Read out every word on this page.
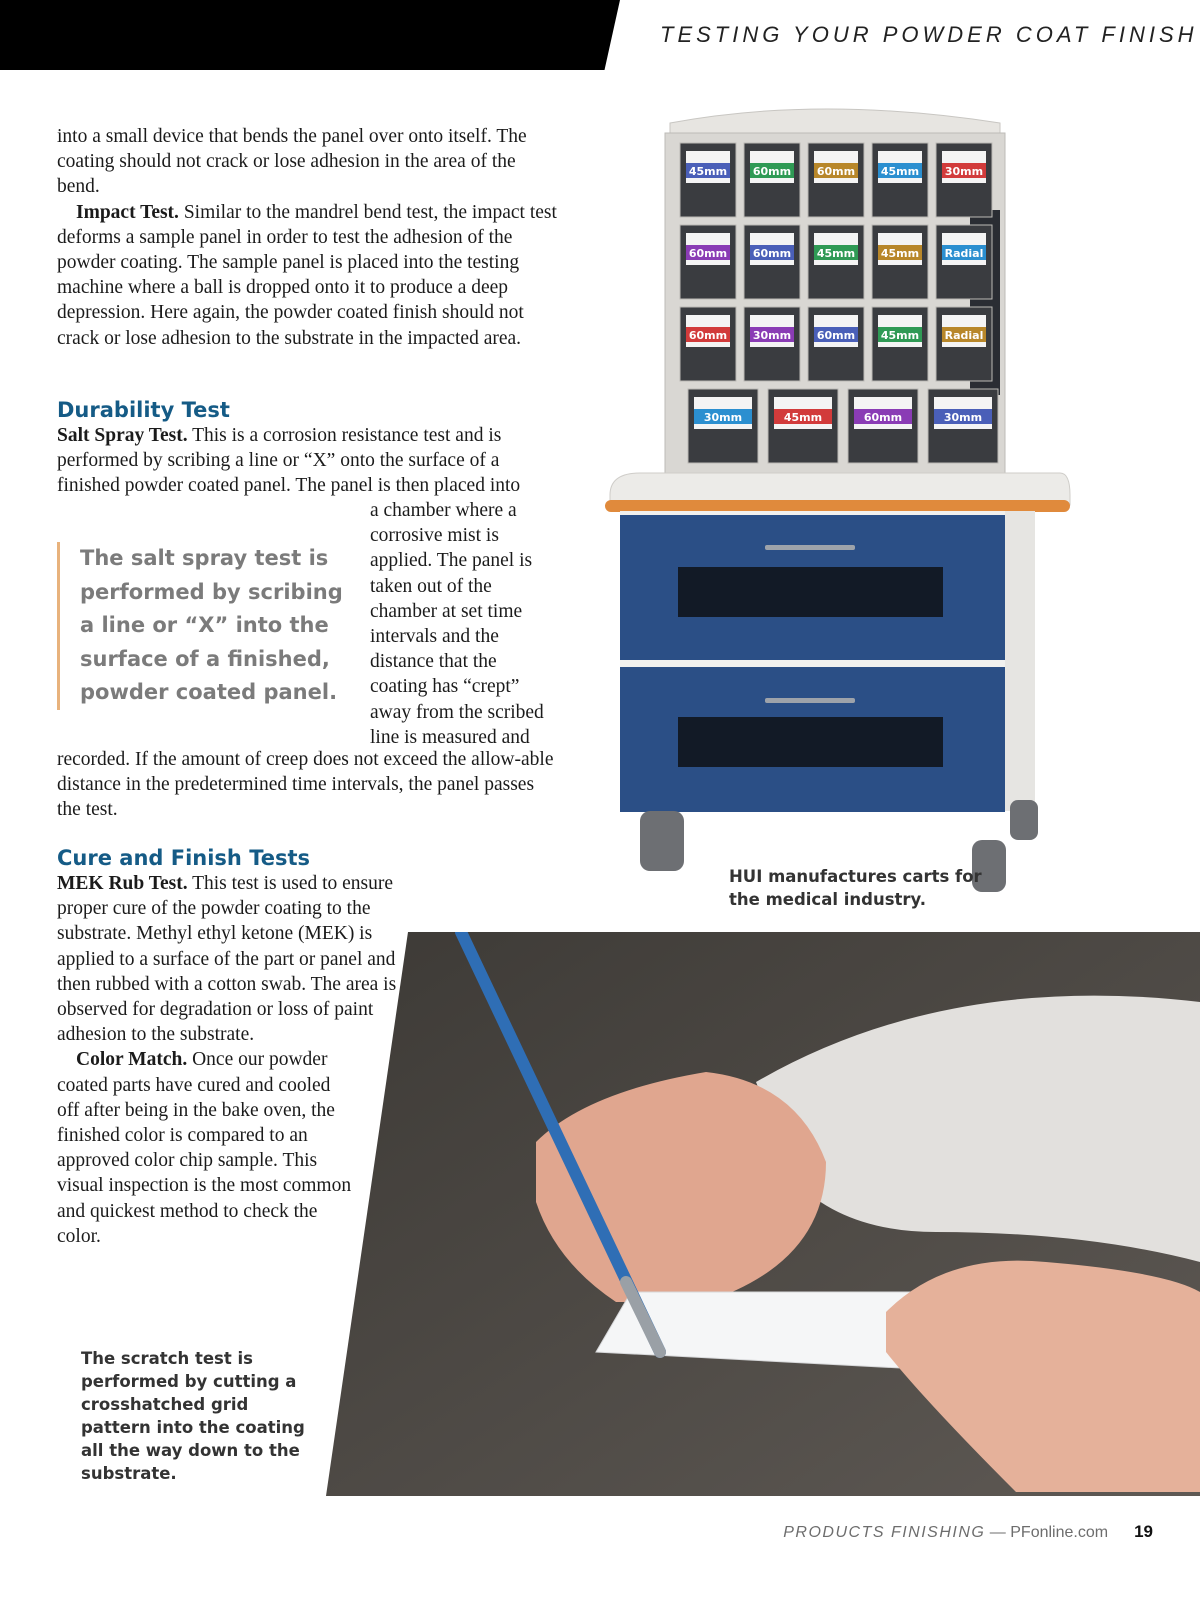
TESTING YOUR POWDER COAT FINISH

into a small device that bends the panel over onto itself. The coating should not crack or lose adhesion in the area of the bend.

Impact Test. Similar to the mandrel bend test, the impact test deforms a sample panel in order to test the adhesion of the powder coating. The sample panel is placed into the testing machine where a ball is dropped onto it to produce a deep depression. Here again, the powder coated finish should not crack or lose adhesion to the substrate in the impacted area.

Durability Test

Salt Spray Test. This is a corrosion resistance test and is performed by scribing a line or “X” onto the surface of a finished powder coated panel. The panel is then placed into

The salt spray test is performed by scribing a line or “X” into the surface of a finished, powder coated panel.
a chamber where a corrosive mist is applied. The panel is taken out of the chamber at set time intervals and the distance that the coating has “crept” away from the scribed line is measured and
recorded. If the amount of creep does not exceed the allow-able distance in the predetermined time intervals, the panel passes the test.
Cure and Finish Tests

MEK Rub Test. This test is used to ensure proper cure of the powder coating to the substrate. Methyl ethyl ketone (MEK) is applied to a surface of the part or panel and then rubbed with a cotton swab. The area is observed for degradation or loss of paint adhesion to the substrate.

Color Match. Once our powder coated parts have cured and cooled off after being in the bake oven, the finished color is compared to an approved color chip sample. This visual inspection is the most common and quickest method to check the color.

45mm 60mm 60mm 45mm 30mm
60mm 60mm 45mm 45mm Radial
60mm 30mm 60mm 45mm Radial
30mm	45mm	60mm	30mm
HUI manufactures carts for the medical industry.
The scratch test is performed by cutting a crosshatched grid pattern into the coating all the way down to the substrate.
PRODUCTS FINISHING — PFonline.com 19
